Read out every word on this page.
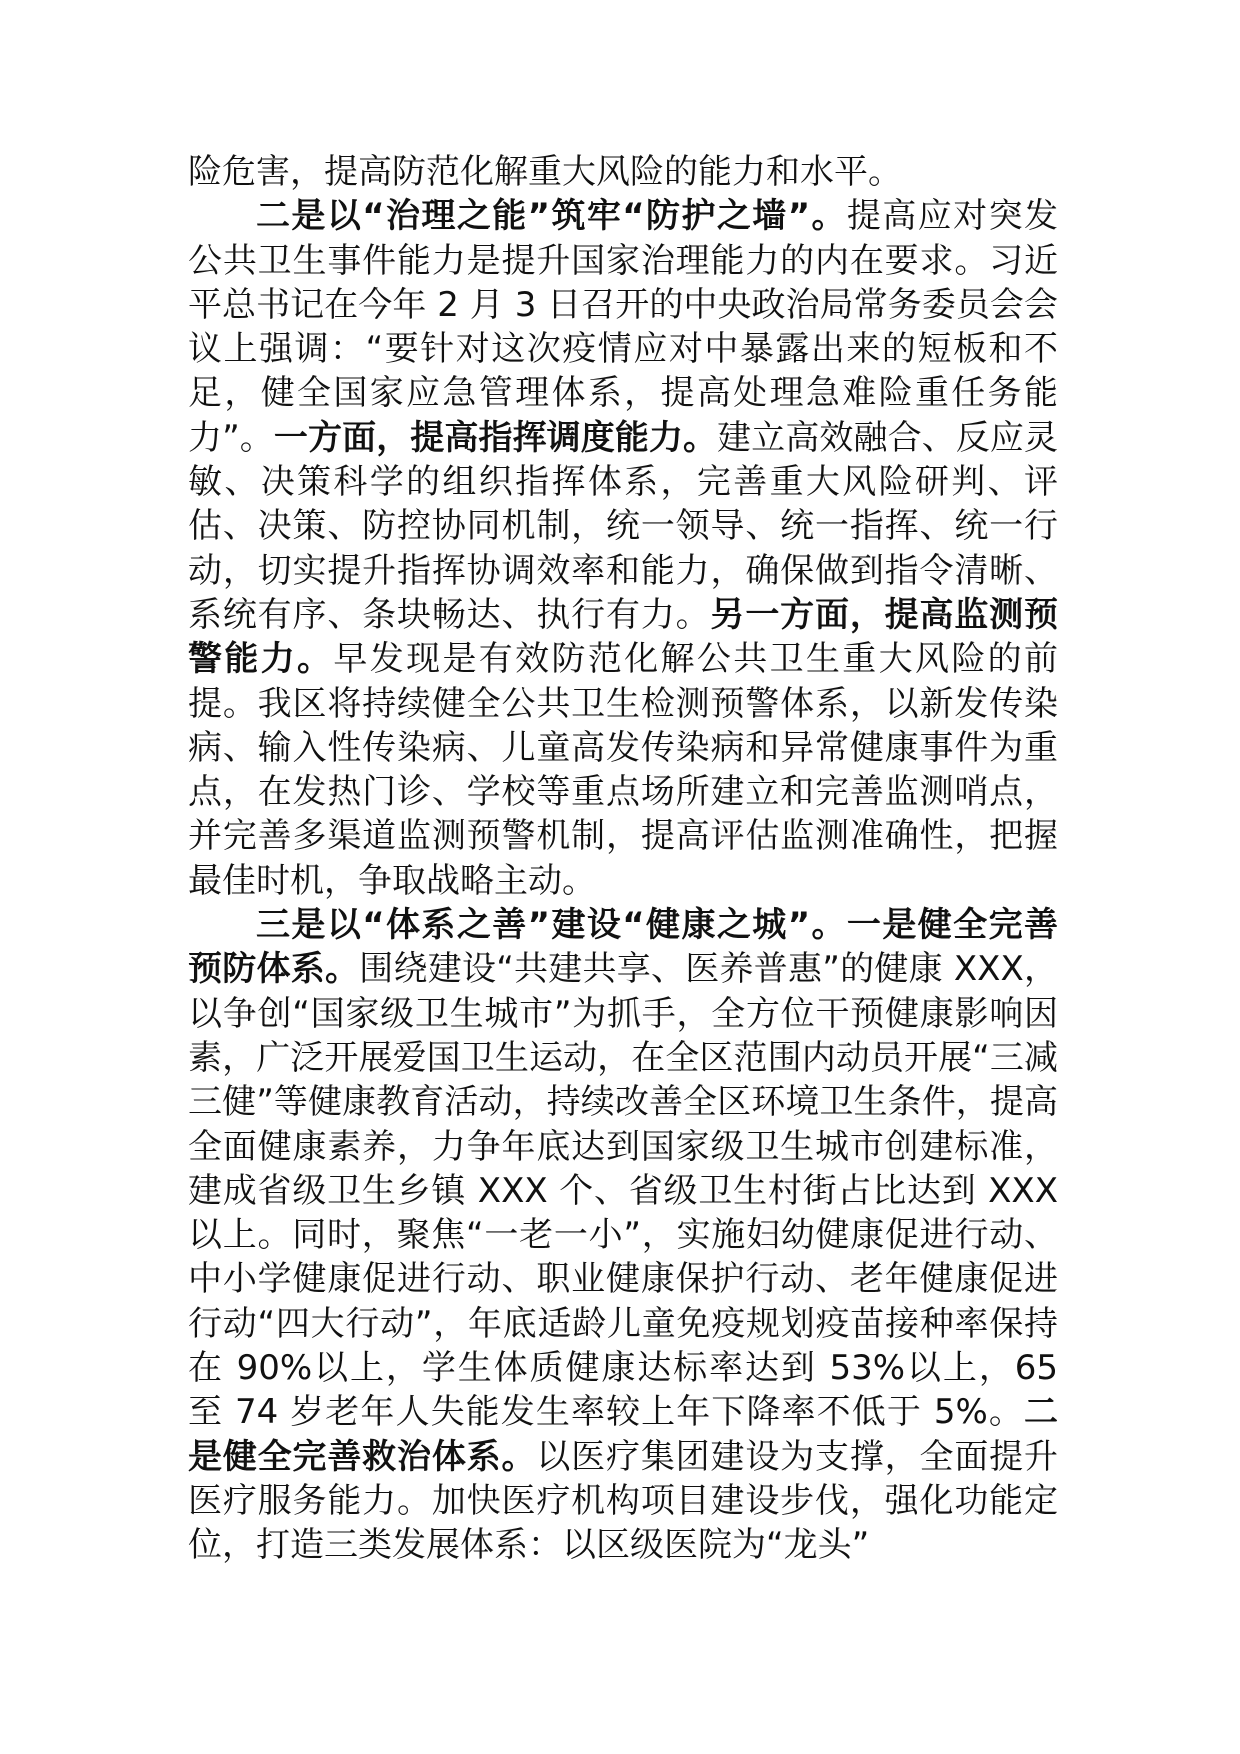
险危害，提高防范化解重大风险的能力和水平。

二是以“治理之能”筑牢“防护之墙”。提高应对突发公共卫生事件能力是提升国家治理能力的内在要求。习近平总书记在今年 2 月 3 日召开的中央政治局常务委员会会议上强调：“要针对这次疫情应对中暴露出来的短板和不足，健全国家应急管理体系，提高处理急难险重任务能力”。一方面，提高指挥调度能力。建立高效融合、反应灵敏、决策科学的组织指挥体系，完善重大风险研判、评估、决策、防控协同机制，统一领导、统一指挥、统一行动，切实提升指挥协调效率和能力，确保做到指令清晰、系统有序、条块畅达、执行有力。另一方面，提高监测预警能力。早发现是有效防范化解公共卫生重大风险的前提。我区将持续健全公共卫生检测预警体系，以新发传染病、输入性传染病、儿童高发传染病和异常健康事件为重点，在发热门诊、学校等重点场所建立和完善监测哨点，并完善多渠道监测预警机制，提高评估监测准确性，把握最佳时机，争取战略主动。

三是以“体系之善”建设“健康之城”。一是健全完善预防体系。围绕建设“共建共享、医养普惠”的健康 XXX，以争创“国家级卫生城市”为抓手，全方位干预健康影响因素，广泛开展爱国卫生运动，在全区范围内动员开展“三减三健”等健康教育活动，持续改善全区环境卫生条件，提高全面健康素养，力争年底达到国家级卫生城市创建标准，建成省级卫生乡镇 XXX 个、省级卫生村街占比达到 XXX 以上。同时，聚焦“一老一小”，实施妇幼健康促进行动、中小学健康促进行动、职业健康保护行动、老年健康促进行动“四大行动”，年底适龄儿童免疫规划疫苗接种率保持在 90%以上，学生体质健康达标率达到 53%以上，65 至 74 岁老年人失能发生率较上年下降率不低于 5%。二是健全完善救治体系。以医疗集团建设为支撑，全面提升医疗服务能力。加快医疗机构项目建设步伐，强化功能定位，打造三类发展体系：以区级医院为“龙头”
